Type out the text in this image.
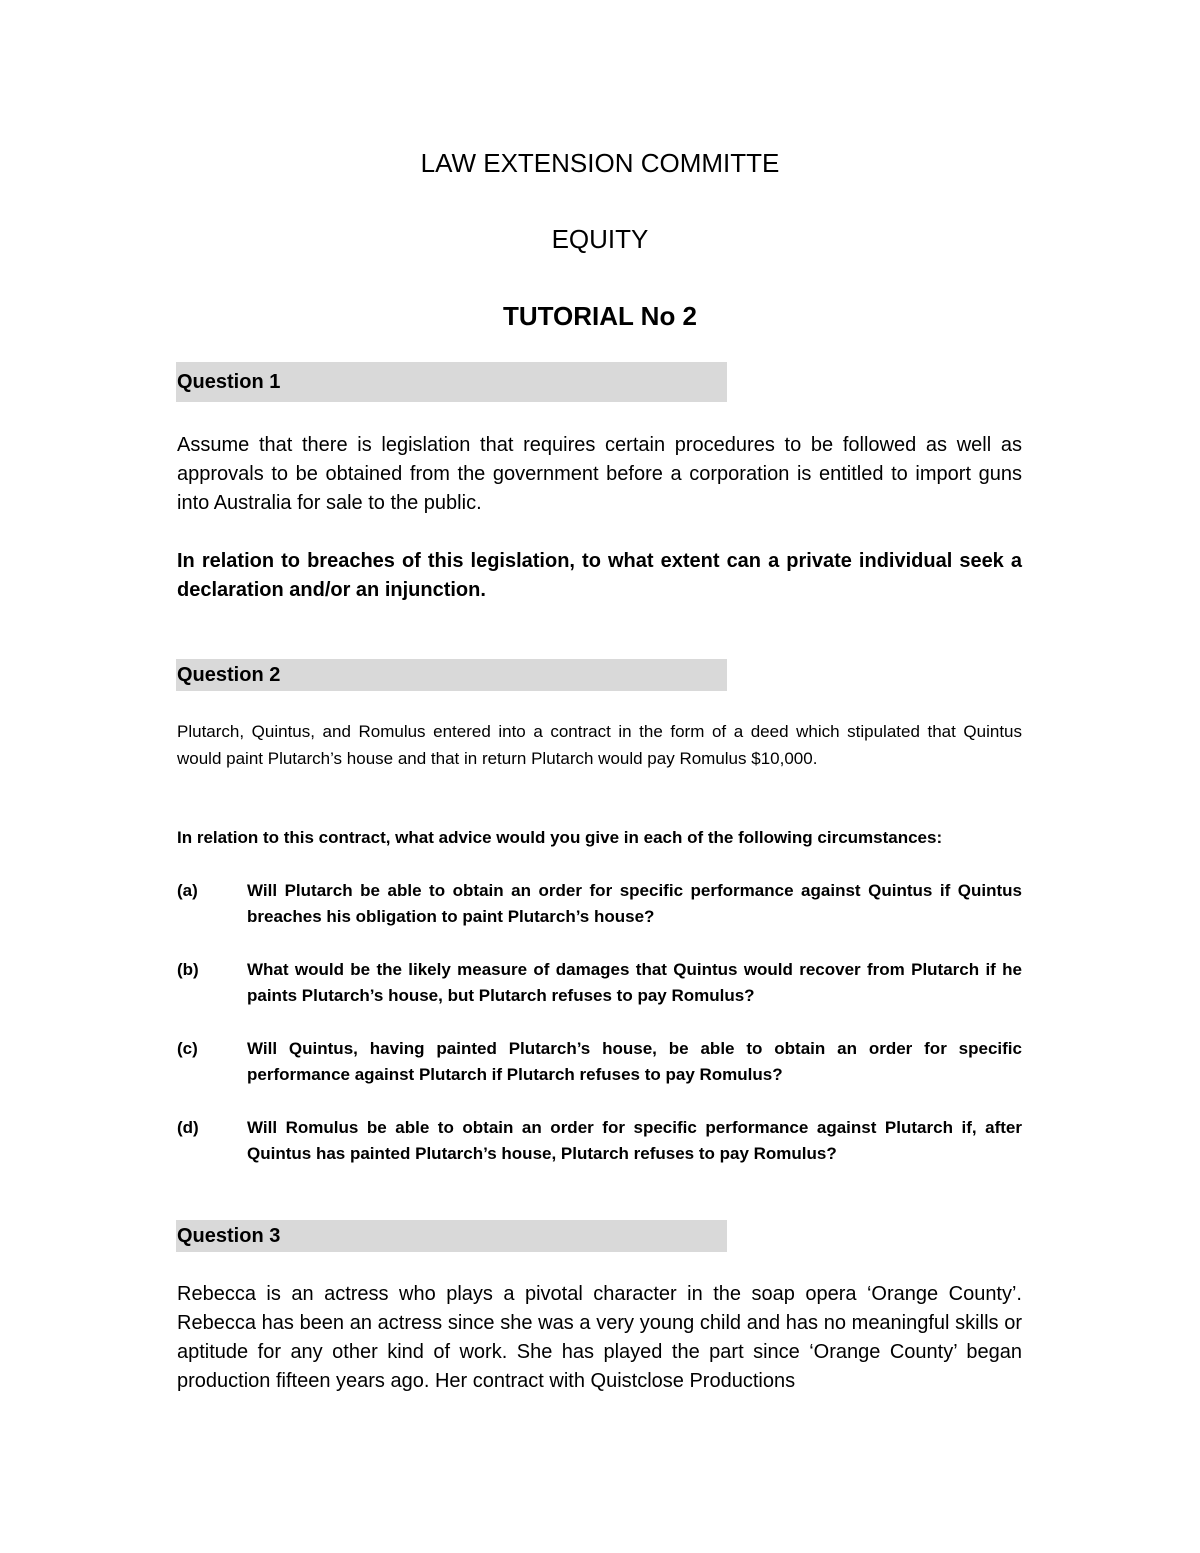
LAW EXTENSION COMMITTE
EQUITY
TUTORIAL No 2
Question 1
Assume that there is legislation that requires certain procedures to be followed as well as approvals to be obtained from the government before a corporation is entitled to import guns into Australia for sale to the public.
In relation to breaches of this legislation, to what extent can a private individual seek a declaration and/or an injunction.
Question 2
Plutarch, Quintus, and Romulus entered into a contract in the form of a deed which stipulated that Quintus would paint Plutarch’s house and that in return Plutarch would pay Romulus $10,000.
In relation to this contract, what advice would you give in each of the following circumstances:
(a)	Will Plutarch be able to obtain an order for specific performance against Quintus if Quintus breaches his obligation to paint Plutarch’s house?
(b)	What would be the likely measure of damages that Quintus would recover from Plutarch if he paints Plutarch’s house, but Plutarch refuses to pay Romulus?
(c)	Will Quintus, having painted Plutarch’s house, be able to obtain an order for specific performance against Plutarch if Plutarch refuses to pay Romulus?
(d)	Will Romulus be able to obtain an order for specific performance against Plutarch if, after Quintus has painted Plutarch’s house, Plutarch refuses to pay Romulus?
Question 3
Rebecca is an actress who plays a pivotal character in the soap opera ‘Orange County’. Rebecca has been an actress since she was a very young child and has no meaningful skills or aptitude for any other kind of work. She has played the part since ‘Orange County’ began production fifteen years ago. Her contract with Quistclose Productions
